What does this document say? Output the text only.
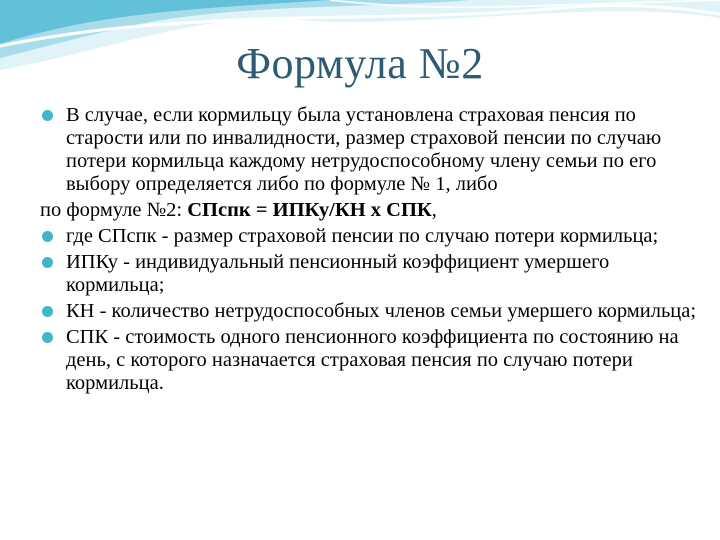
Формула №2
В случае, если кормильцу была установлена страховая пенсия по старости или по инвалидности, размер страховой пенсии по случаю потери кормильца каждому нетрудоспособному члену семьи по его выбору определяется либо по формуле № 1, либо
по формуле №2: СПспк = ИПКу/КН х СПК,
где СПспк - размер страховой пенсии по случаю потери кормильца;
ИПКу - индивидуальный пенсионный коэффициент умершего кормильца;
КН - количество нетрудоспособных членов семьи умершего кормильца;
СПК - стоимость одного пенсионного коэффициента по состоянию на день, с которого назначается страховая пенсия по случаю потери кормильца.
